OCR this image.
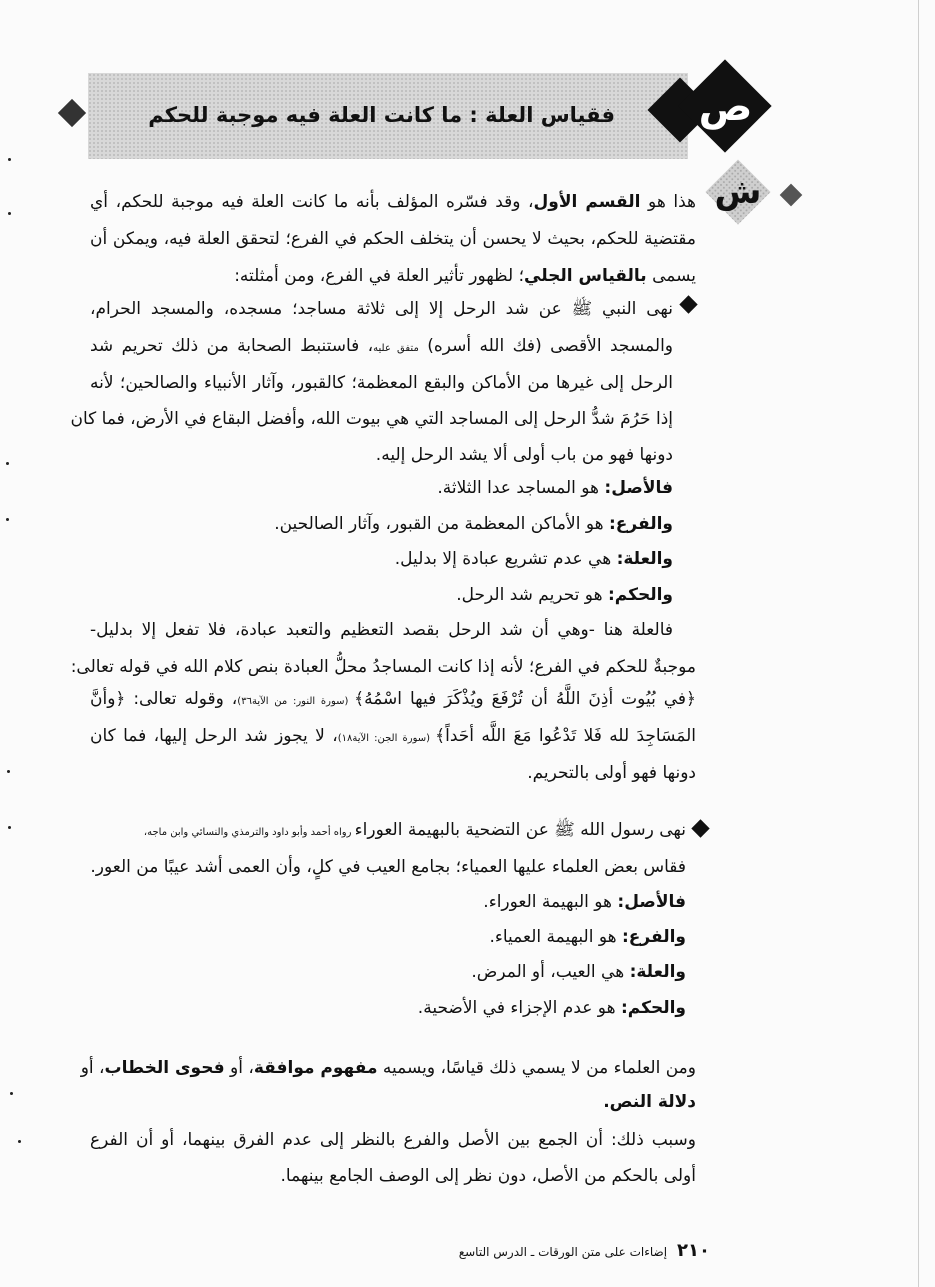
فقياس العلة : ما كانت العلة فيه موجبة للحكم	ص
ش
هذا هو القسم الأول، وقد فسّره المؤلف بأنه ما كانت العلة فيه موجبة للحكم، أي
مقتضية للحكم، بحيث لا يحسن أن يتخلف الحكم في الفرع؛ لتحقق العلة فيه، ويمكن أن
يسمى بالقياس الجلي؛ لظهور تأثير العلة في الفرع، ومن أمثلته:
نهى النبي ﷺ عن شد الرحل إلا إلى ثلاثة مساجد؛ مسجده، والمسجد الحرام،
والمسجد الأقصى (فك الله أسره) متفق عليه، فاستنبط الصحابة من ذلك تحريم شد
الرحل إلى غيرها من الأماكن والبقع المعظمة؛ كالقبور، وآثار الأنبياء والصالحين؛ لأنه
إذا حَرُمَ شدُّ الرحل إلى المساجد التي هي بيوت الله، وأفضل البقاع في الأرض، فما كان
دونها فهو من باب أولى ألا يشد الرحل إليه.
فالأصل: هو المساجد عدا الثلاثة.
والفرع: هو الأماكن المعظمة من القبور، وآثار الصالحين.
والعلة: هي عدم تشريع عبادة إلا بدليل.
والحكم: هو تحريم شد الرحل.
فالعلة هنا -وهي أن شد الرحل بقصد التعظيم والتعبد عبادة، فلا تفعل إلا بدليل-
موجبةٌ للحكم في الفرع؛ لأنه إذا كانت المساجدُ محلُّ العبادة بنص كلام الله في قوله تعالى:
﴿في بُيُوت أذِنَ اللَّهُ أن تُرْفَعَ ويُذْكَرَ فيها اسْمُهُ﴾ (سورة النور: من الآية٣٦)، وقوله تعالى: ﴿وأنَّ
المَسَاجِدَ لله فَلا تَدْعُوا مَعَ اللَّه أحَداً﴾ (سورة الجن: الآية١٨)، لا يجوز شد الرحل إليها، فما كان
دونها فهو أولى بالتحريم.
نهى رسول الله ﷺ عن التضحية بالبهيمة العوراء رواه أحمد وأبو داود والترمذي والنسائي وابن ماجه،
فقاس بعض العلماء عليها العمياء؛ بجامع العيب في كلٍ، وأن العمى أشد عيبًا من العور.
فالأصل: هو البهيمة العوراء.
والفرع: هو البهيمة العمياء.
والعلة: هي العيب، أو المرض.
والحكم: هو عدم الإجزاء في الأضحية.
ومن العلماء من لا يسمي ذلك قياسًا، ويسميه مفهوم موافقة، أو فحوى الخطاب، أو
دلالة النص.
وسبب ذلك: أن الجمع بين الأصل والفرع بالنظر إلى عدم الفرق بينهما، أو أن الفرع
أولى بالحكم من الأصل، دون نظر إلى الوصف الجامع بينهما.
٢١٠إضاءات على متن الورقات ـ الدرس التاسع
